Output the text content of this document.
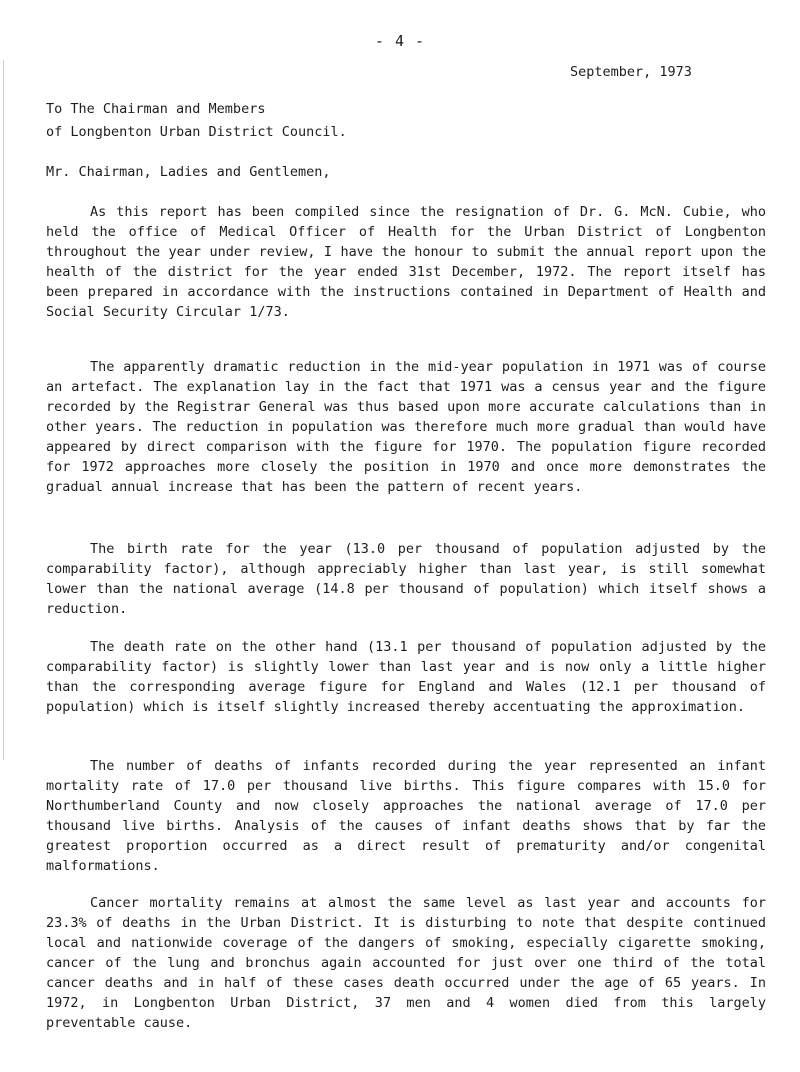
- 4 -
September, 1973
To The Chairman and Members
of Longbenton Urban District Council.
Mr. Chairman, Ladies and Gentlemen,

As this report has been compiled since the resignation of Dr. G. McN. Cubie, who held the office of Medical Officer of Health for the Urban District of Longbenton throughout the year under review, I have the honour to submit the annual report upon the health of the district for the year ended 31st December, 1972. The report itself has been prepared in accordance with the instructions contained in Department of Health and Social Security Circular 1/73.

The apparently dramatic reduction in the mid-year population in 1971 was of course an artefact. The explanation lay in the fact that 1971 was a census year and the figure recorded by the Registrar General was thus based upon more accurate calculations than in other years. The reduction in population was therefore much more gradual than would have appeared by direct comparison with the figure for 1970. The population figure recorded for 1972 approaches more closely the position in 1970 and once more demonstrates the gradual annual increase that has been the pattern of recent years.

The birth rate for the year (13.0 per thousand of population adjusted by the comparability factor), although appreciably higher than last year, is still somewhat lower than the national average (14.8 per thousand of population) which itself shows a reduction.

The death rate on the other hand (13.1 per thousand of population adjusted by the comparability factor) is slightly lower than last year and is now only a little higher than the corresponding average figure for England and Wales (12.1 per thousand of population) which is itself slightly increased thereby accentuating the approximation.

The number of deaths of infants recorded during the year represented an infant mortality rate of 17.0 per thousand live births. This figure compares with 15.0 for Northumberland County and now closely approaches the national average of 17.0 per thousand live births. Analysis of the causes of infant deaths shows that by far the greatest proportion occurred as a direct result of prematurity and/or congenital malformations.

Cancer mortality remains at almost the same level as last year and accounts for 23.3% of deaths in the Urban District. It is disturbing to note that despite continued local and nationwide coverage of the dangers of smoking, especially cigarette smoking, cancer of the lung and bronchus again accounted for just over one third of the total cancer deaths and in half of these cases death occurred under the age of 65 years. In 1972, in Longbenton Urban District, 37 men and 4 women died from this largely preventable cause.
